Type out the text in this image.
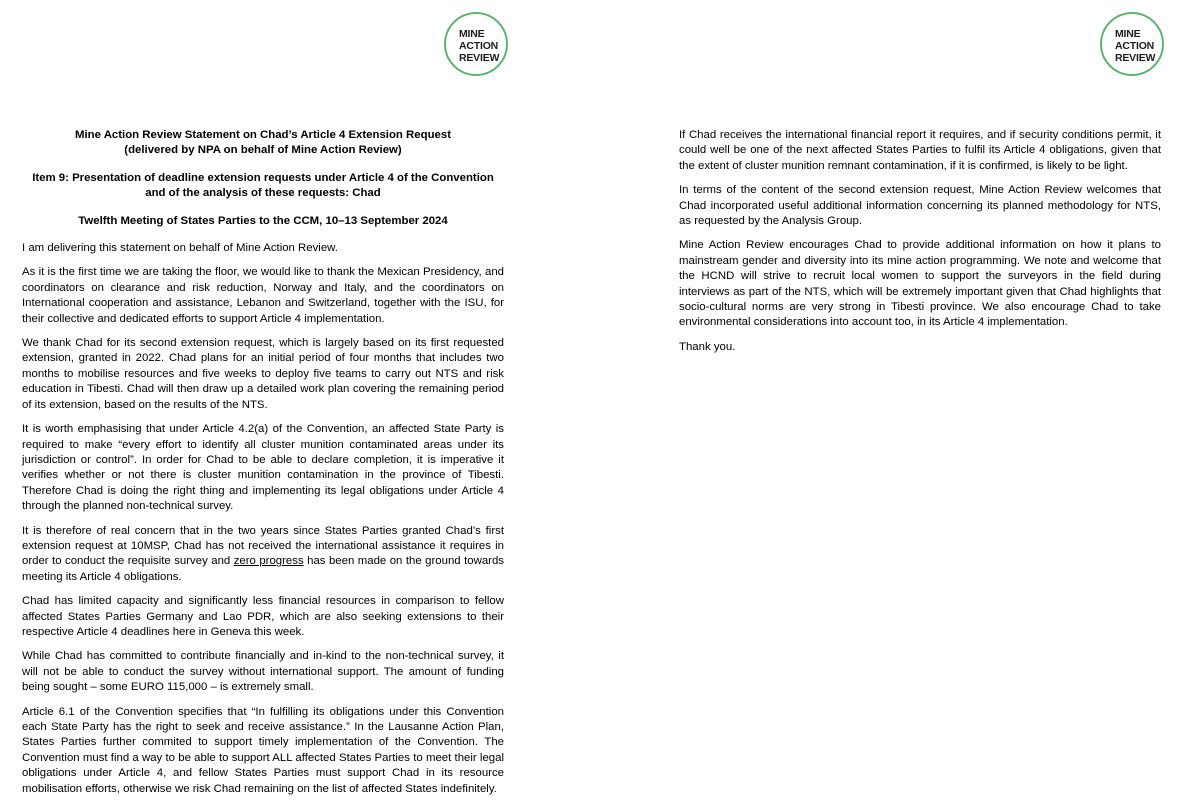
MINE
ACTION
REVIEW

Mine Action Review Statement on Chad’s Article 4 Extension Request

(delivered by NPA on behalf of Mine Action Review)

Item 9: Presentation of deadline extension requests under Article 4 of the Convention and of the analysis of these requests: Chad

Twelfth Meeting of States Parties to the CCM, 10–13 September 2024

I am delivering this statement on behalf of Mine Action Review.

As it is the first time we are taking the floor, we would like to thank the Mexican Presidency, and coordinators on clearance and risk reduction, Norway and Italy, and the coordinators on International cooperation and assistance, Lebanon and Switzerland, together with the ISU, for their collective and dedicated efforts to support Article 4 implementation.

We thank Chad for its second extension request, which is largely based on its first requested extension, granted in 2022. Chad plans for an initial period of four months that includes two months to mobilise resources and five weeks to deploy five teams to carry out NTS and risk education in Tibesti. Chad will then draw up a detailed work plan covering the remaining period of its extension, based on the results of the NTS.

It is worth emphasising that under Article 4.2(a) of the Convention, an affected State Party is required to make “every effort to identify all cluster munition contaminated areas under its jurisdiction or control”. In order for Chad to be able to declare completion, it is imperative it verifies whether or not there is cluster munition contamination in the province of Tibesti. Therefore Chad is doing the right thing and implementing its legal obligations under Article 4 through the planned non-technical survey.

It is therefore of real concern that in the two years since States Parties granted Chad’s first extension request at 10MSP, Chad has not received the international assistance it requires in order to conduct the requisite survey and zero progress has been made on the ground towards meeting its Article 4 obligations.

Chad has limited capacity and significantly less financial resources in comparison to fellow affected States Parties Germany and Lao PDR, which are also seeking extensions to their respective Article 4 deadlines here in Geneva this week.

While Chad has committed to contribute financially and in-kind to the non-technical survey, it will not be able to conduct the survey without international support. The amount of funding being sought – some EURO 115,000 – is extremely small.

Article 6.1 of the Convention specifies that “In fulfilling its obligations under this Convention each State Party has the right to seek and receive assistance.” In the Lausanne Action Plan, States Parties further commited to support timely implementation of the Convention. The Convention must find a way to be able to support ALL affected States Parties to meet their legal obligations under Article 4, and fellow States Parties must support Chad in its resource mobilisation efforts, otherwise we risk Chad remaining on the list of affected States indefinitely.

MINE
ACTION
REVIEW

If Chad receives the international financial report it requires, and if security conditions permit, it could well be one of the next affected States Parties to fulfil its Article 4 obligations, given that the extent of cluster munition remnant contamination, if it is confirmed, is likely to be light.

In terms of the content of the second extension request, Mine Action Review welcomes that Chad incorporated useful additional information concerning its planned methodology for NTS, as requested by the Analysis Group.

Mine Action Review encourages Chad to provide additional information on how it plans to mainstream gender and diversity into its mine action programming. We note and welcome that the HCND will strive to recruit local women to support the surveyors in the field during interviews as part of the NTS, which will be extremely important given that Chad highlights that socio-cultural norms are very strong in Tibesti province. We also encourage Chad to take environmental considerations into account too, in its Article 4 implementation.

Thank you.
